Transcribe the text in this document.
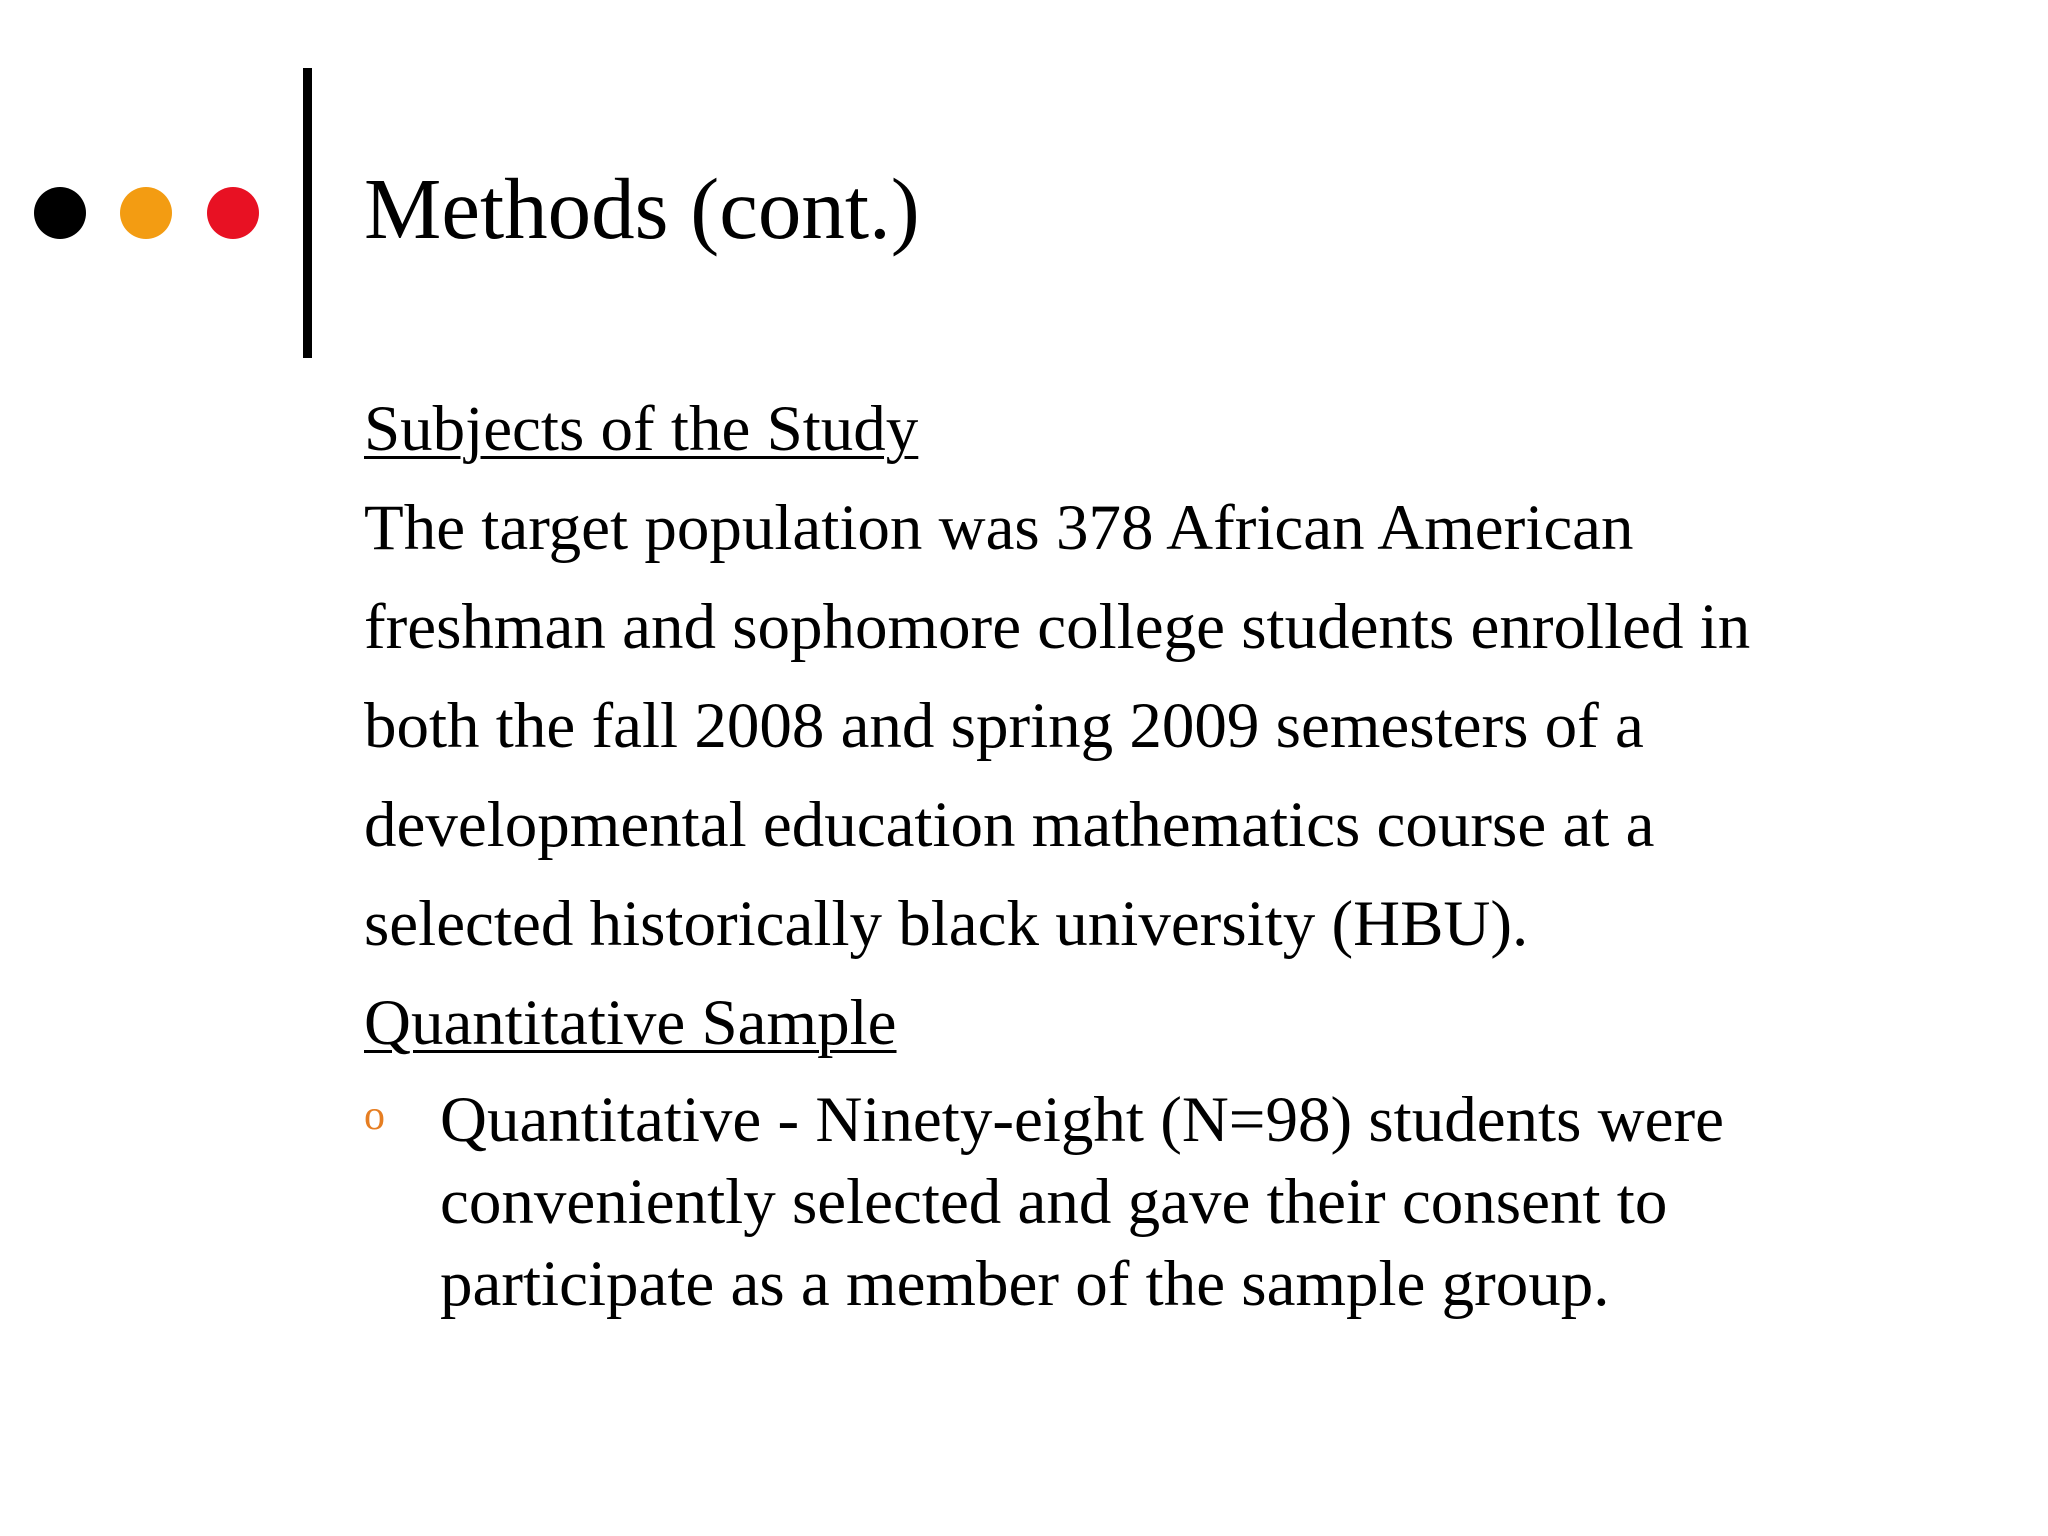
Methods (cont.)
Subjects of the Study
The target population was 378 African American
freshman and sophomore college students enrolled in
both the fall 2008 and spring 2009 semesters of a
developmental education mathematics course at a
selected historically black university (HBU).
Quantitative Sample
o Quantitative - Ninety-eight (N=98) students were
conveniently selected and gave their consent to
participate as a member of the sample group.
